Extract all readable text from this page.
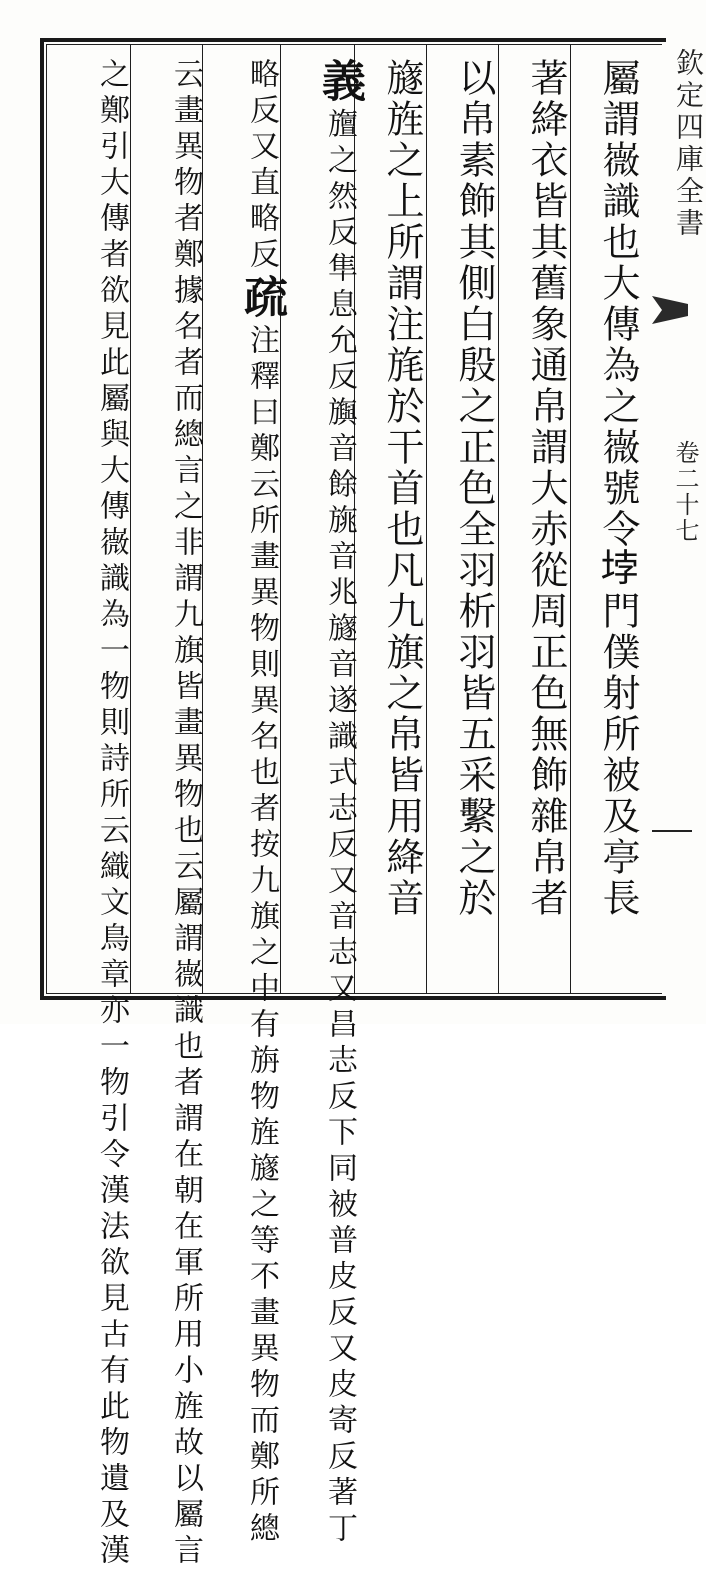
欽定四庫全書
卷二十七
屬謂嶶識也大傳為之嶶號令𡋯門僕射所被及亭長
著絳衣皆其舊象通帛謂大赤從周正色無飾雜帛者
以帛素飾其側白殷之正色全羽析羽皆五采繫之於
旞旌之上所謂注旄於干首也凡九旗之帛皆用絳音
義旜之然反隼息允反旟音餘旐音兆旞音遂識式志反又音志又昌志反下同被普皮反又皮寄反著丁
略反又直略反疏注釋曰鄭云所畫異物則異名也者按九旗之中有旃物旌旞之等不畫異物而鄭所總
云畫異物者鄭據名者而總言之非謂九旗皆畫異物也云屬謂嶶識也者謂在朝在軍所用小旌故以屬言
之鄭引大傳者欲見此屬與大傳嶶識為一物則詩所云織文鳥章亦一物引令漢法欲見古有此物遺及漢
